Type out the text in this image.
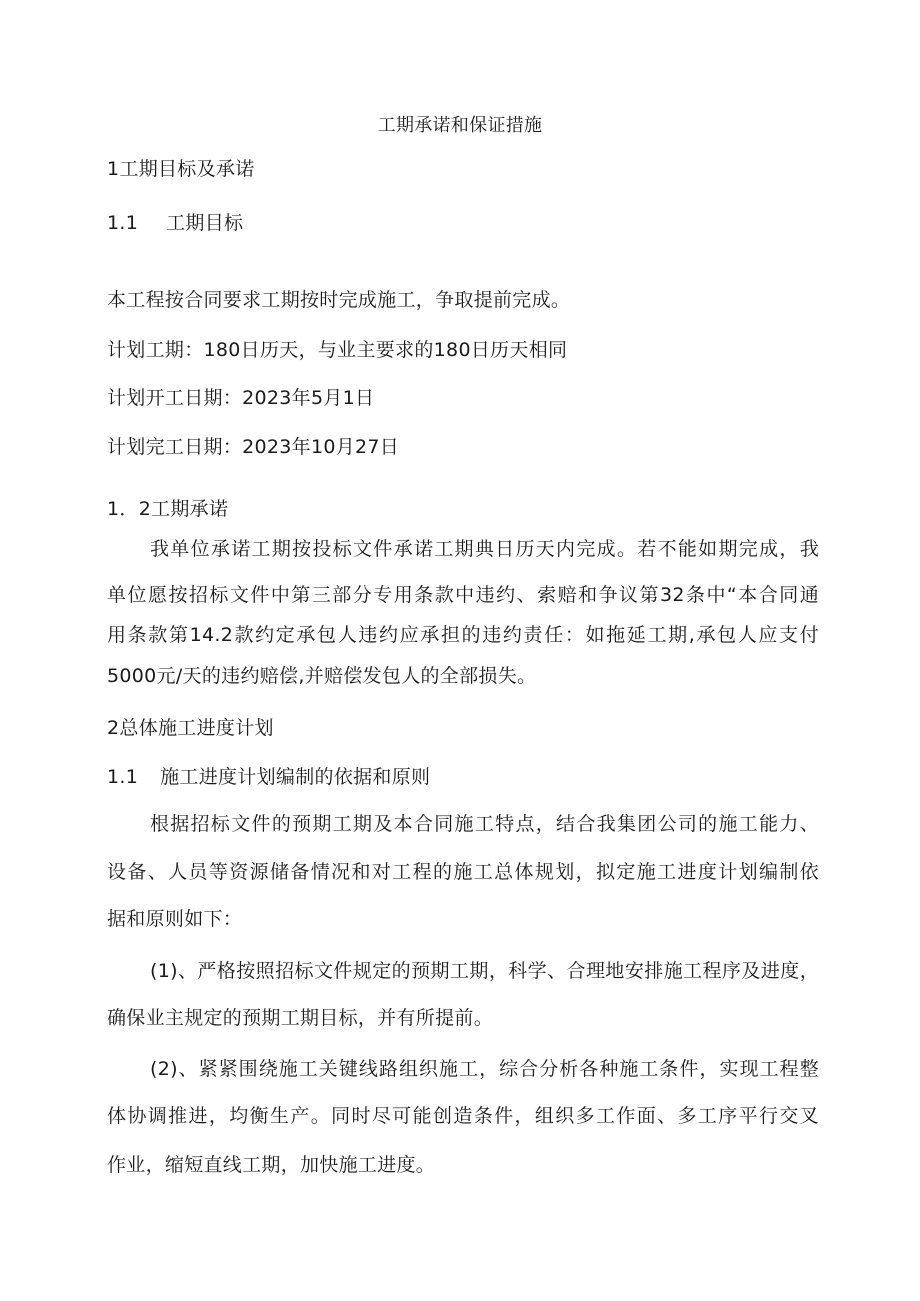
工期承诺和保证措施
1工期目标及承诺
1.1 工期目标
本工程按合同要求工期按时完成施工，争取提前完成。
计划工期：180日历天，与业主要求的180日历天相同
计划开工日期：2023年5月1日
计划完工日期：2023年10月27日
1．2工期承诺
我单位承诺工期按投标文件承诺工期典日历天内完成。若不能如期完成，我
单位愿按招标文件中第三部分专用条款中违约、索赔和争议第32条中“本合同通
用条款第14.2款约定承包人违约应承担的违约责任：如拖延工期,承包人应支付
5000元/天的违约赔偿,并赔偿发包人的全部损失。
2总体施工进度计划
1.1 施工进度计划编制的依据和原则
根据招标文件的预期工期及本合同施工特点，结合我集团公司的施工能力、
设备、人员等资源储备情况和对工程的施工总体规划，拟定施工进度计划编制依
据和原则如下：
(1)、严格按照招标文件规定的预期工期，科学、合理地安排施工程序及进度，
确保业主规定的预期工期目标，并有所提前。
(2)、紧紧围绕施工关键线路组织施工，综合分析各种施工条件，实现工程整
体协调推进，均衡生产。同时尽可能创造条件，组织多工作面、多工序平行交叉
作业，缩短直线工期，加快施工进度。
